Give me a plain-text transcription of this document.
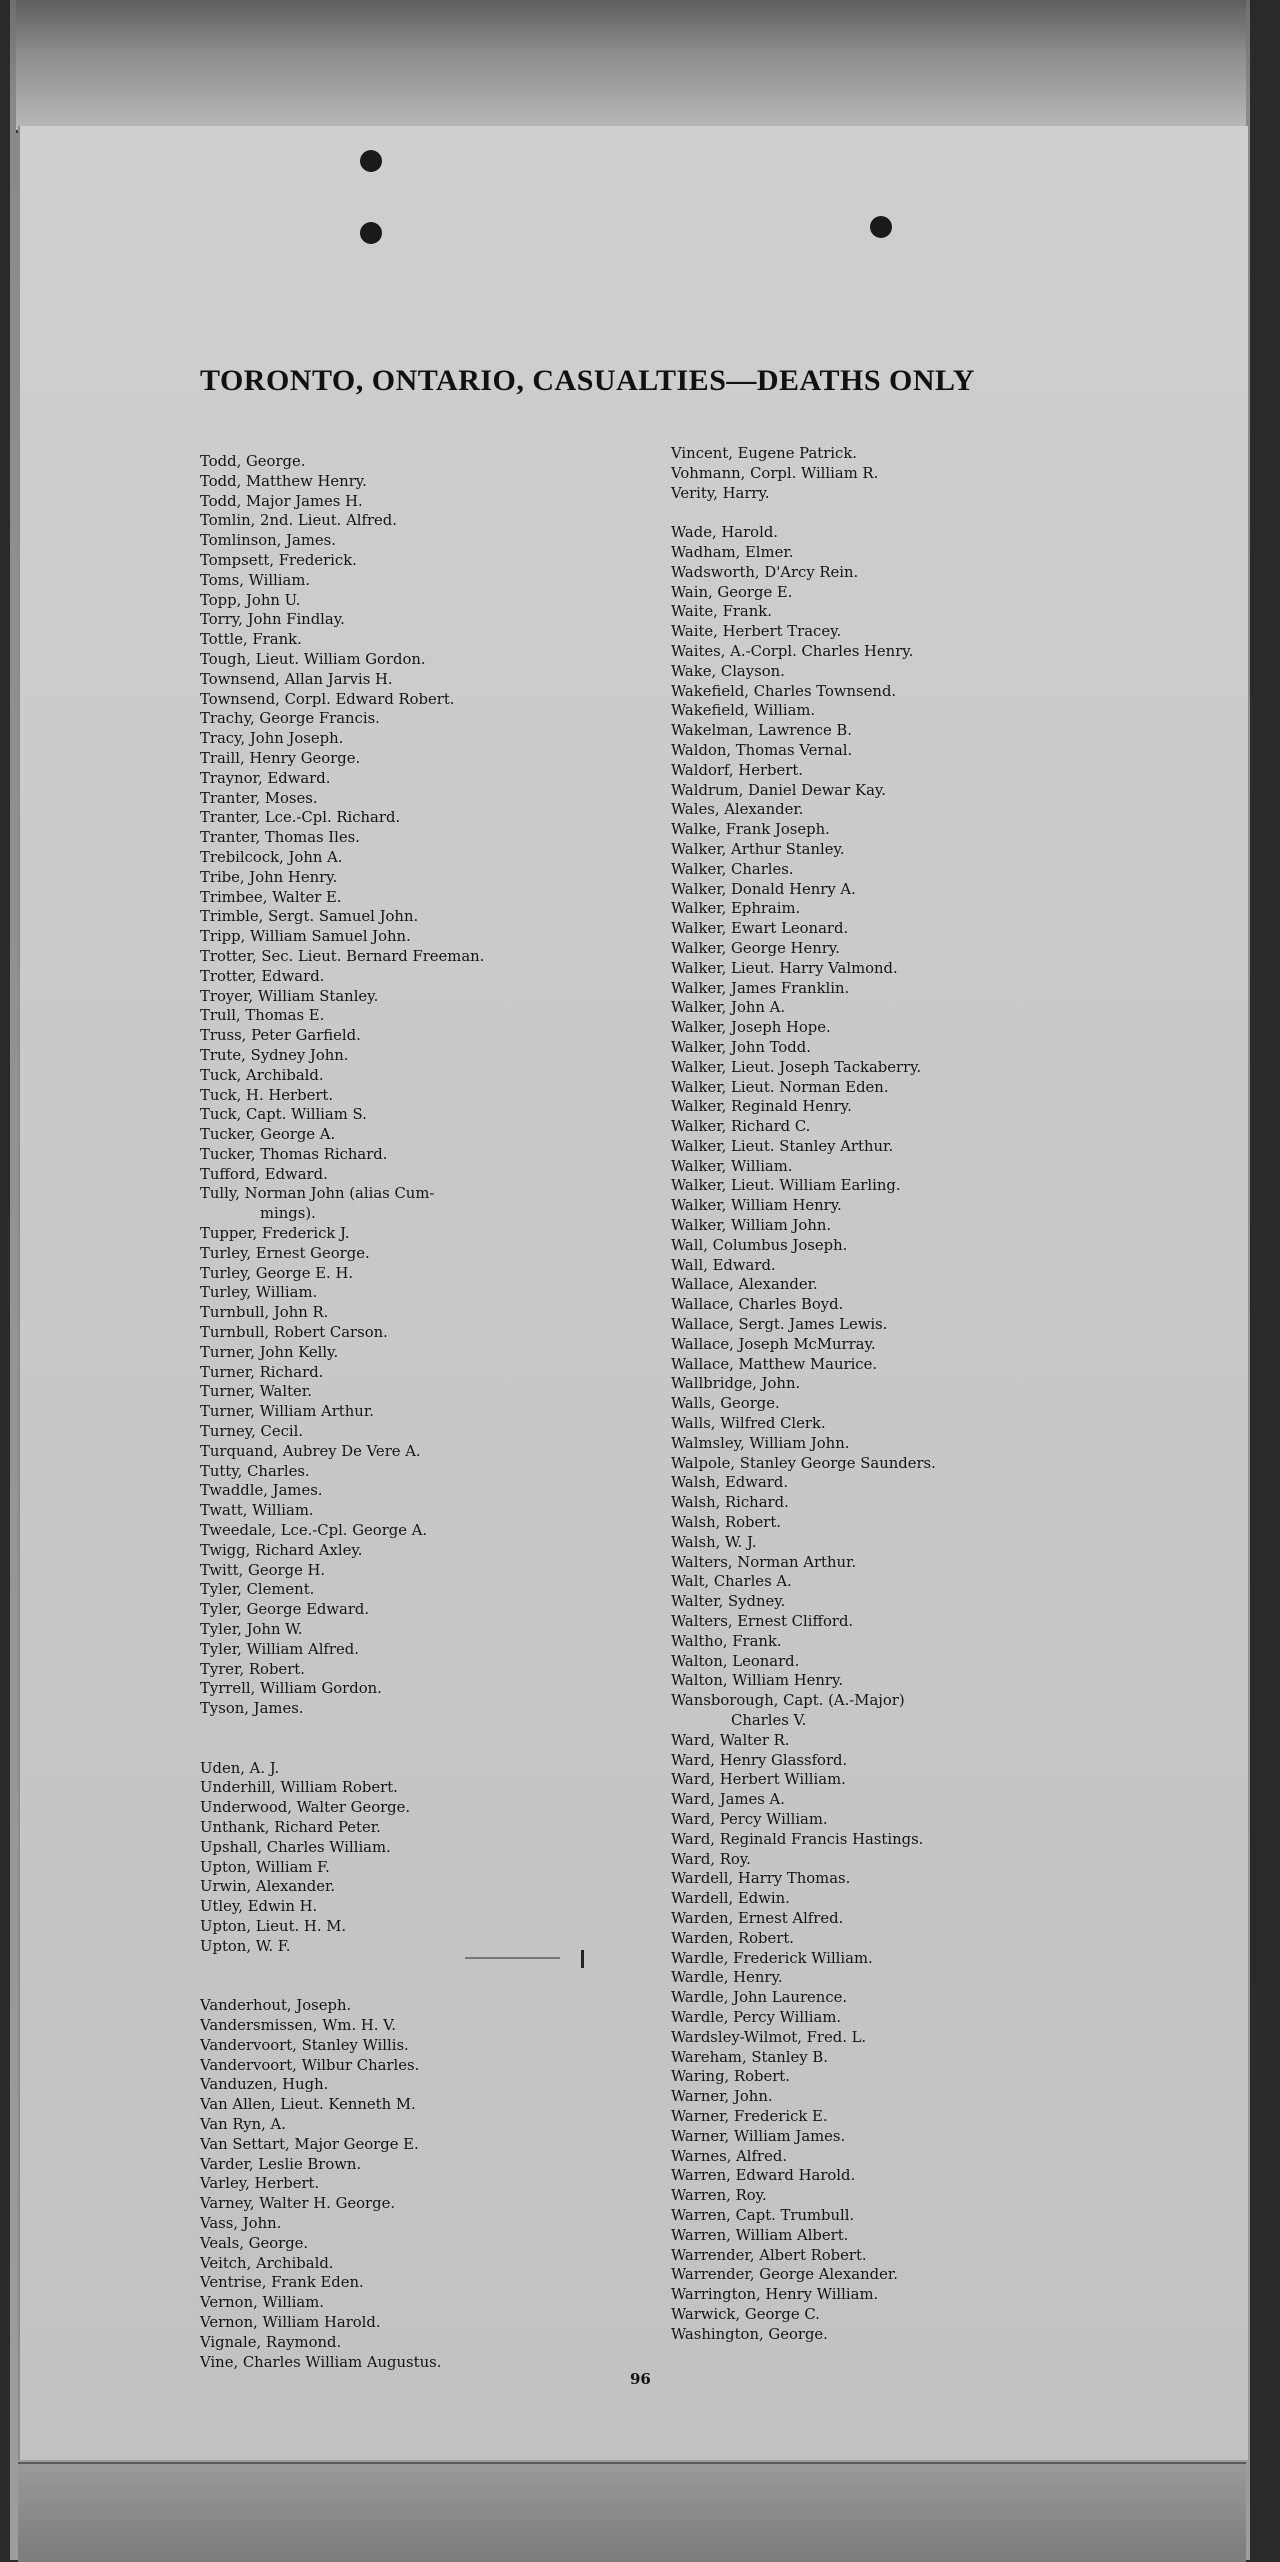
TORONTO, ONTARIO, CASUALTIES—DEATHS ONLY
Todd, George.
Todd, Matthew Henry.
Todd, Major James H.
Tomlin, 2nd. Lieut. Alfred.
Tomlinson, James.
Tompsett, Frederick.
Toms, William.
Topp, John U.
Torry, John Findlay.
Tottle, Frank.
Tough, Lieut. William Gordon.
Townsend, Allan Jarvis H.
Townsend, Corpl. Edward Robert.
Trachy, George Francis.
Tracy, John Joseph.
Traill, Henry George.
Traynor, Edward.
Tranter, Moses.
Tranter, Lce.-Cpl. Richard.
Tranter, Thomas Iles.
Trebilcock, John A.
Tribe, John Henry.
Trimbee, Walter E.
Trimble, Sergt. Samuel John.
Tripp, William Samuel John.
Trotter, Sec. Lieut. Bernard Freeman.
Trotter, Edward.
Troyer, William Stanley.
Trull, Thomas E.
Truss, Peter Garfield.
Trute, Sydney John.
Tuck, Archibald.
Tuck, H. Herbert.
Tuck, Capt. William S.
Tucker, George A.
Tucker, Thomas Richard.
Tufford, Edward.
Tully, Norman John (alias Cum-
mings).
Tupper, Frederick J.
Turley, Ernest George.
Turley, George E. H.
Turley, William.
Turnbull, John R.
Turnbull, Robert Carson.
Turner, John Kelly.
Turner, Richard.
Turner, Walter.
Turner, William Arthur.
Turney, Cecil.
Turquand, Aubrey De Vere A.
Tutty, Charles.
Twaddle, James.
Twatt, William.
Tweedale, Lce.-Cpl. George A.
Twigg, Richard Axley.
Twitt, George H.
Tyler, Clement.
Tyler, George Edward.
Tyler, John W.
Tyler, William Alfred.
Tyrer, Robert.
Tyrrell, William Gordon.
Tyson, James.
Uden, A. J.
Underhill, William Robert.
Underwood, Walter George.
Unthank, Richard Peter.
Upshall, Charles William.
Upton, William F.
Urwin, Alexander.
Utley, Edwin H.
Upton, Lieut. H. M.
Upton, W. F.
Vanderhout, Joseph.
Vandersmissen, Wm. H. V.
Vandervoort, Stanley Willis.
Vandervoort, Wilbur Charles.
Vanduzen, Hugh.
Van Allen, Lieut. Kenneth M.
Van Ryn, A.
Van Settart, Major George E.
Varder, Leslie Brown.
Varley, Herbert.
Varney, Walter H. George.
Vass, John.
Veals, George.
Veitch, Archibald.
Ventrise, Frank Eden.
Vernon, William.
Vernon, William Harold.
Vignale, Raymond.
Vine, Charles William Augustus.
Vincent, Eugene Patrick.
Vohmann, Corpl. William R.
Verity, Harry.
Wade, Harold.
Wadham, Elmer.
Wadsworth, D'Arcy Rein.
Wain, George E.
Waite, Frank.
Waite, Herbert Tracey.
Waites, A.-Corpl. Charles Henry.
Wake, Clayson.
Wakefield, Charles Townsend.
Wakefield, William.
Wakelman, Lawrence B.
Waldon, Thomas Vernal.
Waldorf, Herbert.
Waldrum, Daniel Dewar Kay.
Wales, Alexander.
Walke, Frank Joseph.
Walker, Arthur Stanley.
Walker, Charles.
Walker, Donald Henry A.
Walker, Ephraim.
Walker, Ewart Leonard.
Walker, George Henry.
Walker, Lieut. Harry Valmond.
Walker, James Franklin.
Walker, John A.
Walker, Joseph Hope.
Walker, John Todd.
Walker, Lieut. Joseph Tackaberry.
Walker, Lieut. Norman Eden.
Walker, Reginald Henry.
Walker, Richard C.
Walker, Lieut. Stanley Arthur.
Walker, William.
Walker, Lieut. William Earling.
Walker, William Henry.
Walker, William John.
Wall, Columbus Joseph.
Wall, Edward.
Wallace, Alexander.
Wallace, Charles Boyd.
Wallace, Sergt. James Lewis.
Wallace, Joseph McMurray.
Wallace, Matthew Maurice.
Wallbridge, John.
Walls, George.
Walls, Wilfred Clerk.
Walmsley, William John.
Walpole, Stanley George Saunders.
Walsh, Edward.
Walsh, Richard.
Walsh, Robert.
Walsh, W. J.
Walters, Norman Arthur.
Walt, Charles A.
Walter, Sydney.
Walters, Ernest Clifford.
Waltho, Frank.
Walton, Leonard.
Walton, William Henry.
Wansborough, Capt. (A.-Major)
Charles V.
Ward, Walter R.
Ward, Henry Glassford.
Ward, Herbert William.
Ward, James A.
Ward, Percy William.
Ward, Reginald Francis Hastings.
Ward, Roy.
Wardell, Harry Thomas.
Wardell, Edwin.
Warden, Ernest Alfred.
Warden, Robert.
Wardle, Frederick William.
Wardle, Henry.
Wardle, John Laurence.
Wardle, Percy William.
Wardsley-Wilmot, Fred. L.
Wareham, Stanley B.
Waring, Robert.
Warner, John.
Warner, Frederick E.
Warner, William James.
Warnes, Alfred.
Warren, Edward Harold.
Warren, Roy.
Warren, Capt. Trumbull.
Warren, William Albert.
Warrender, Albert Robert.
Warrender, George Alexander.
Warrington, Henry William.
Warwick, George C.
Washington, George.
96
